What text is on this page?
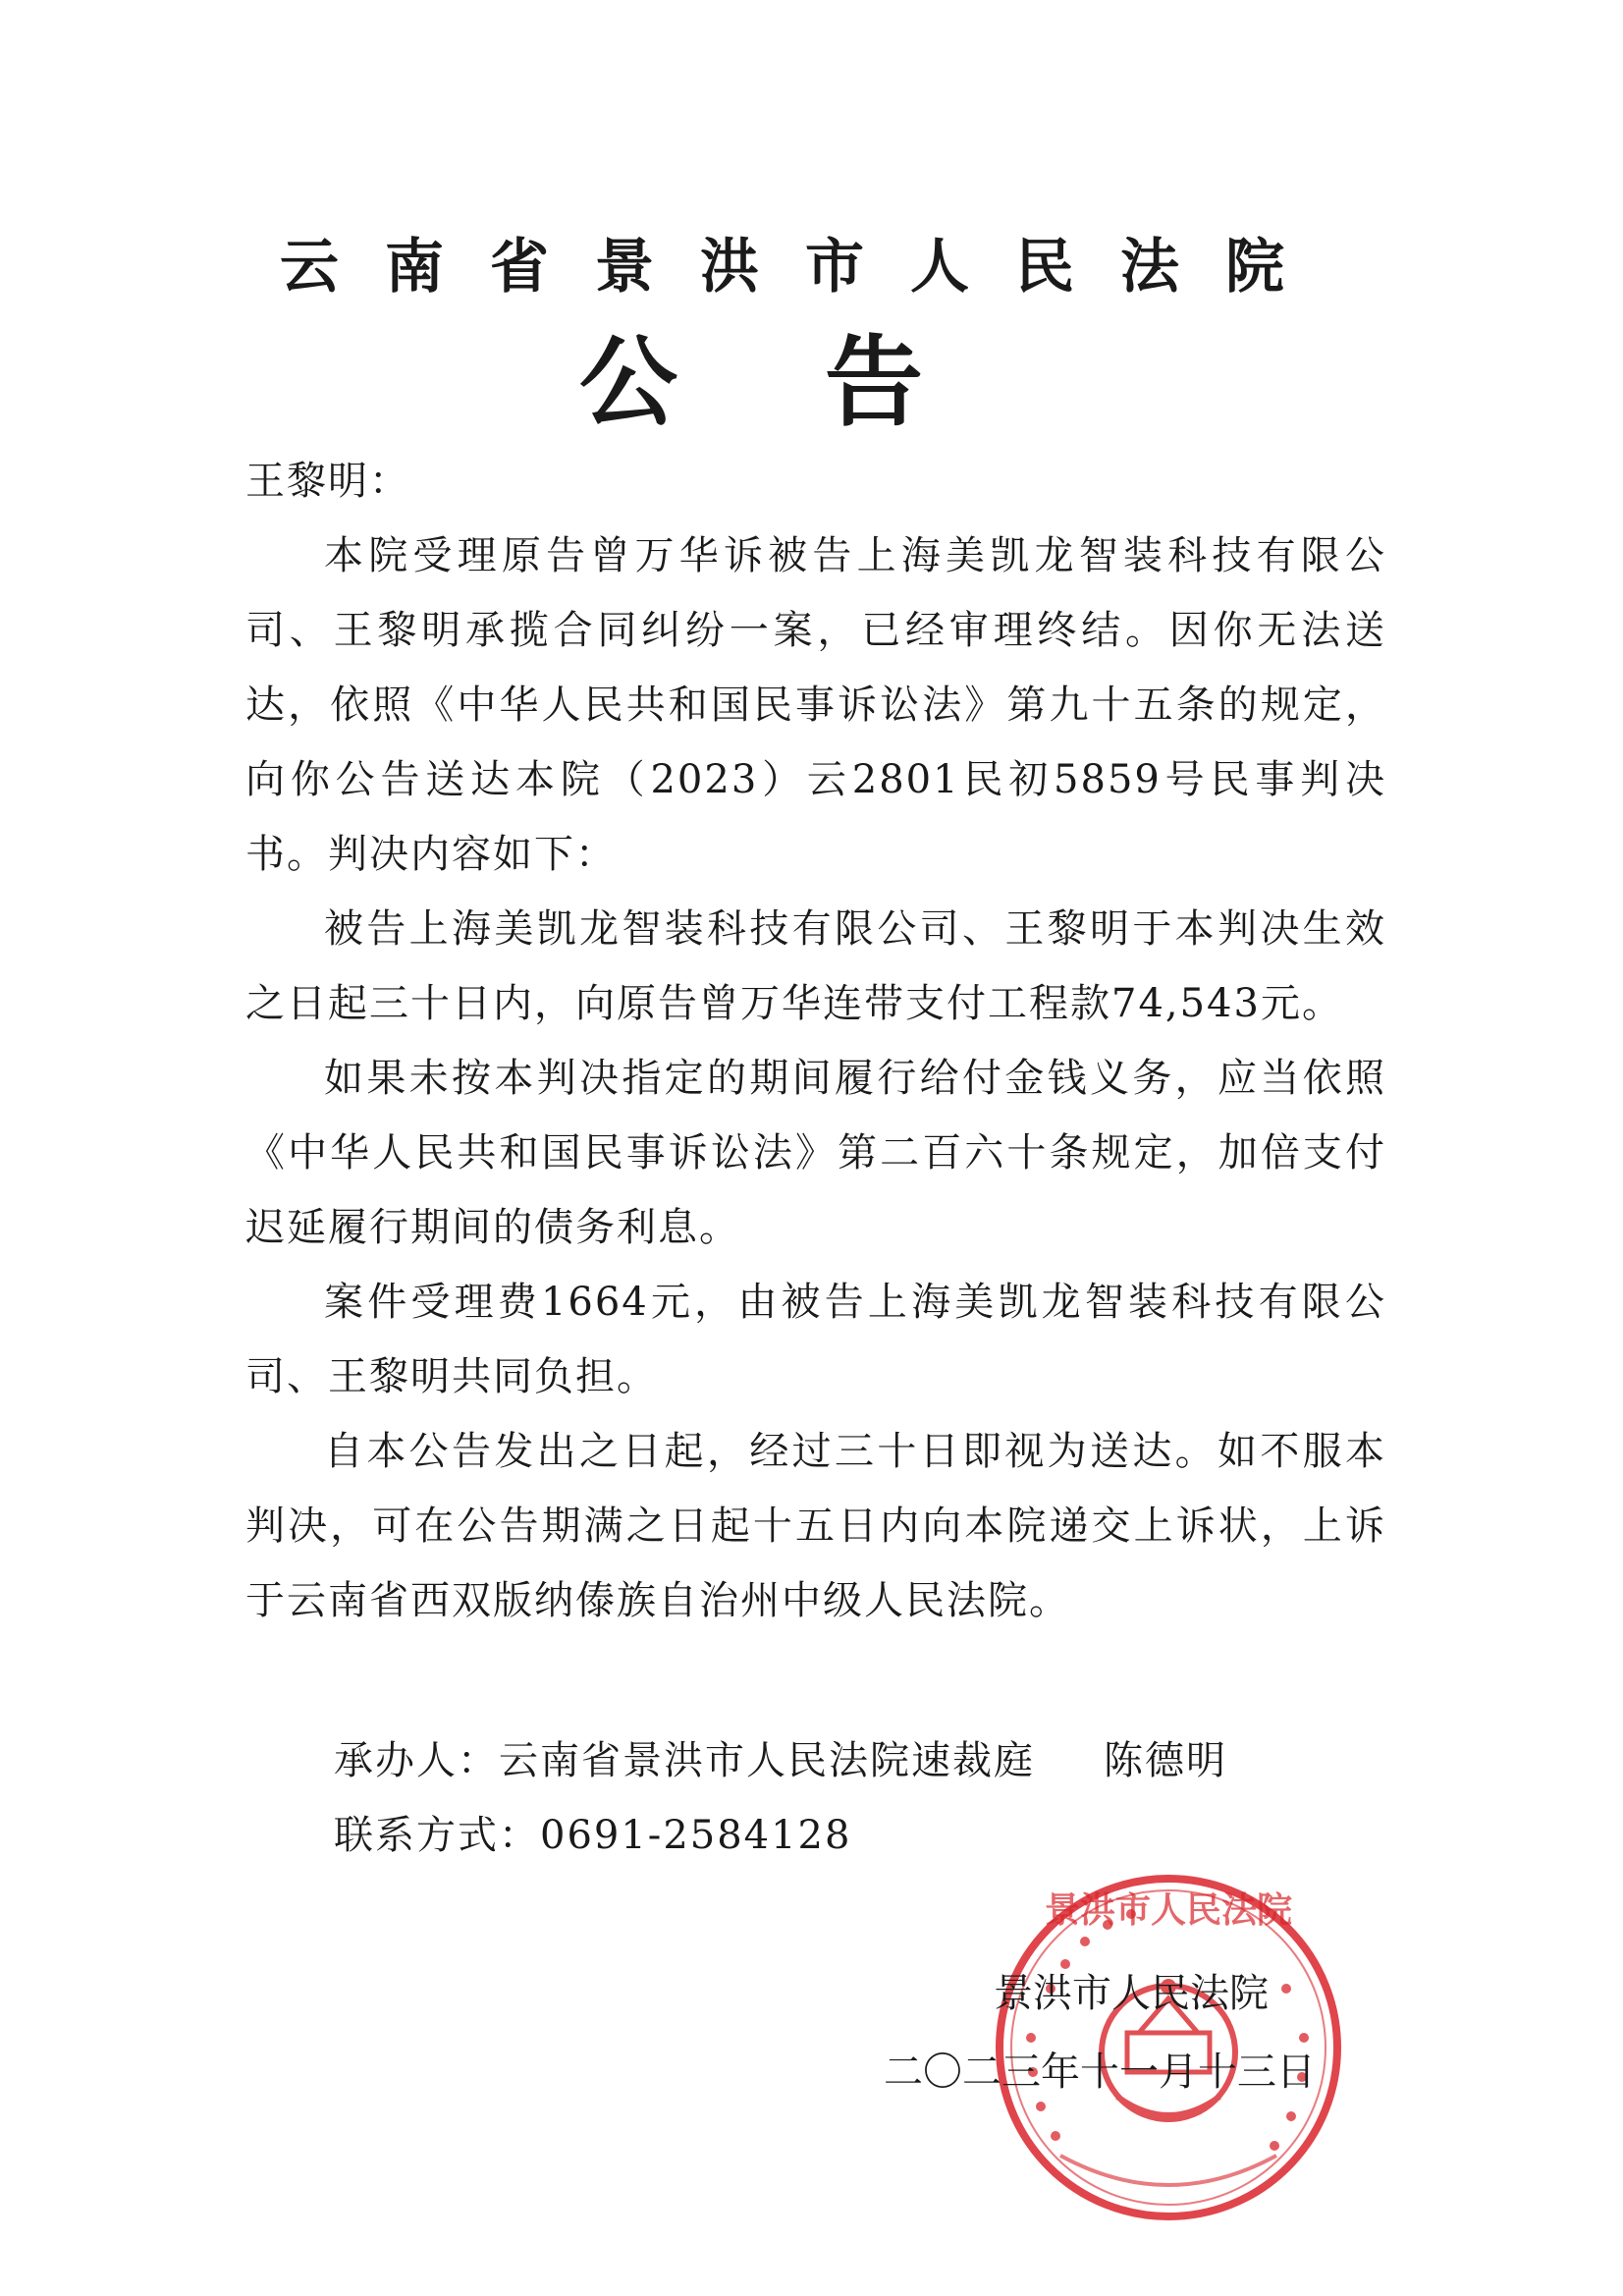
云南省景洪市人民法院
公告

王黎明：

本院受理原告曾万华诉被告上海美凯龙智装科技有限公司、王黎明承揽合同纠纷一案，已经审理终结。因你无法送达，依照《中华人民共和国民事诉讼法》第九十五条的规定，向你公告送达本院（2023）云2801民初5859号民事判决书。判决内容如下：

被告上海美凯龙智装科技有限公司、王黎明于本判决生效之日起三十日内，向原告曾万华连带支付工程款74,543元。

如果未按本判决指定的期间履行给付金钱义务，应当依照《中华人民共和国民事诉讼法》第二百六十条规定，加倍支付迟延履行期间的债务利息。

案件受理费1664元，由被告上海美凯龙智装科技有限公司、王黎明共同负担。

自本公告发出之日起，经过三十日即视为送达。如不服本判决，可在公告期满之日起十五日内向本院递交上诉状，上诉于云南省西双版纳傣族自治州中级人民法院。

承办人：云南省景洪市人民法院速裁庭 陈德明
联系方式：0691-2584128
景洪市人民法院
景洪市人民法院
二〇二三年十一月十三日
